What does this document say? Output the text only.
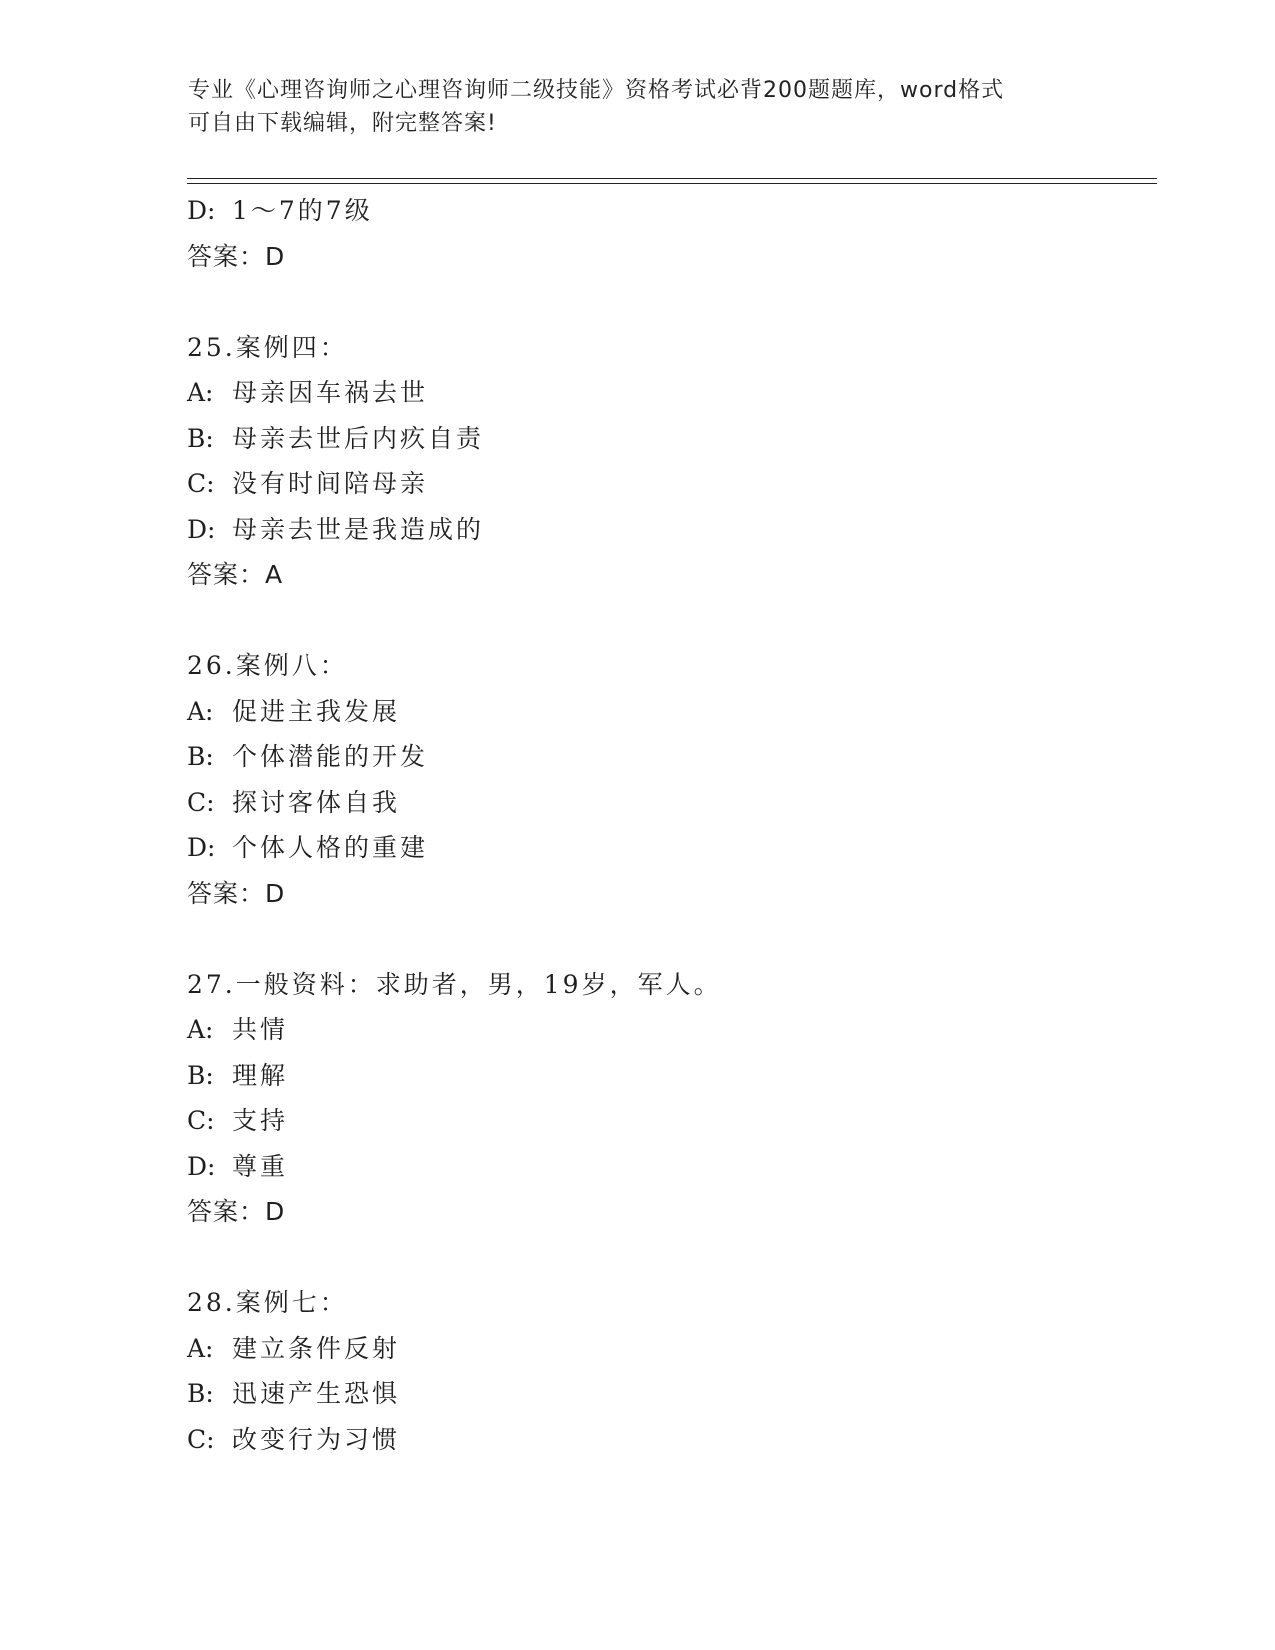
专业《心理咨询师之心理咨询师二级技能》资格考试必背200题题库，word格式
可自由下载编辑，附完整答案!
D: 1～7的7级
答案：D
25.案例四：
A: 母亲因车祸去世
B: 母亲去世后内疚自责
C: 没有时间陪母亲
D: 母亲去世是我造成的
答案：A
26.案例八：
A: 促进主我发展
B: 个体潜能的开发
C: 探讨客体自我
D: 个体人格的重建
答案：D
27.一般资料：求助者，男，19岁，军人。
A: 共情
B: 理解
C: 支持
D: 尊重
答案：D
28.案例七：
A: 建立条件反射
B: 迅速产生恐惧
C: 改变行为习惯
